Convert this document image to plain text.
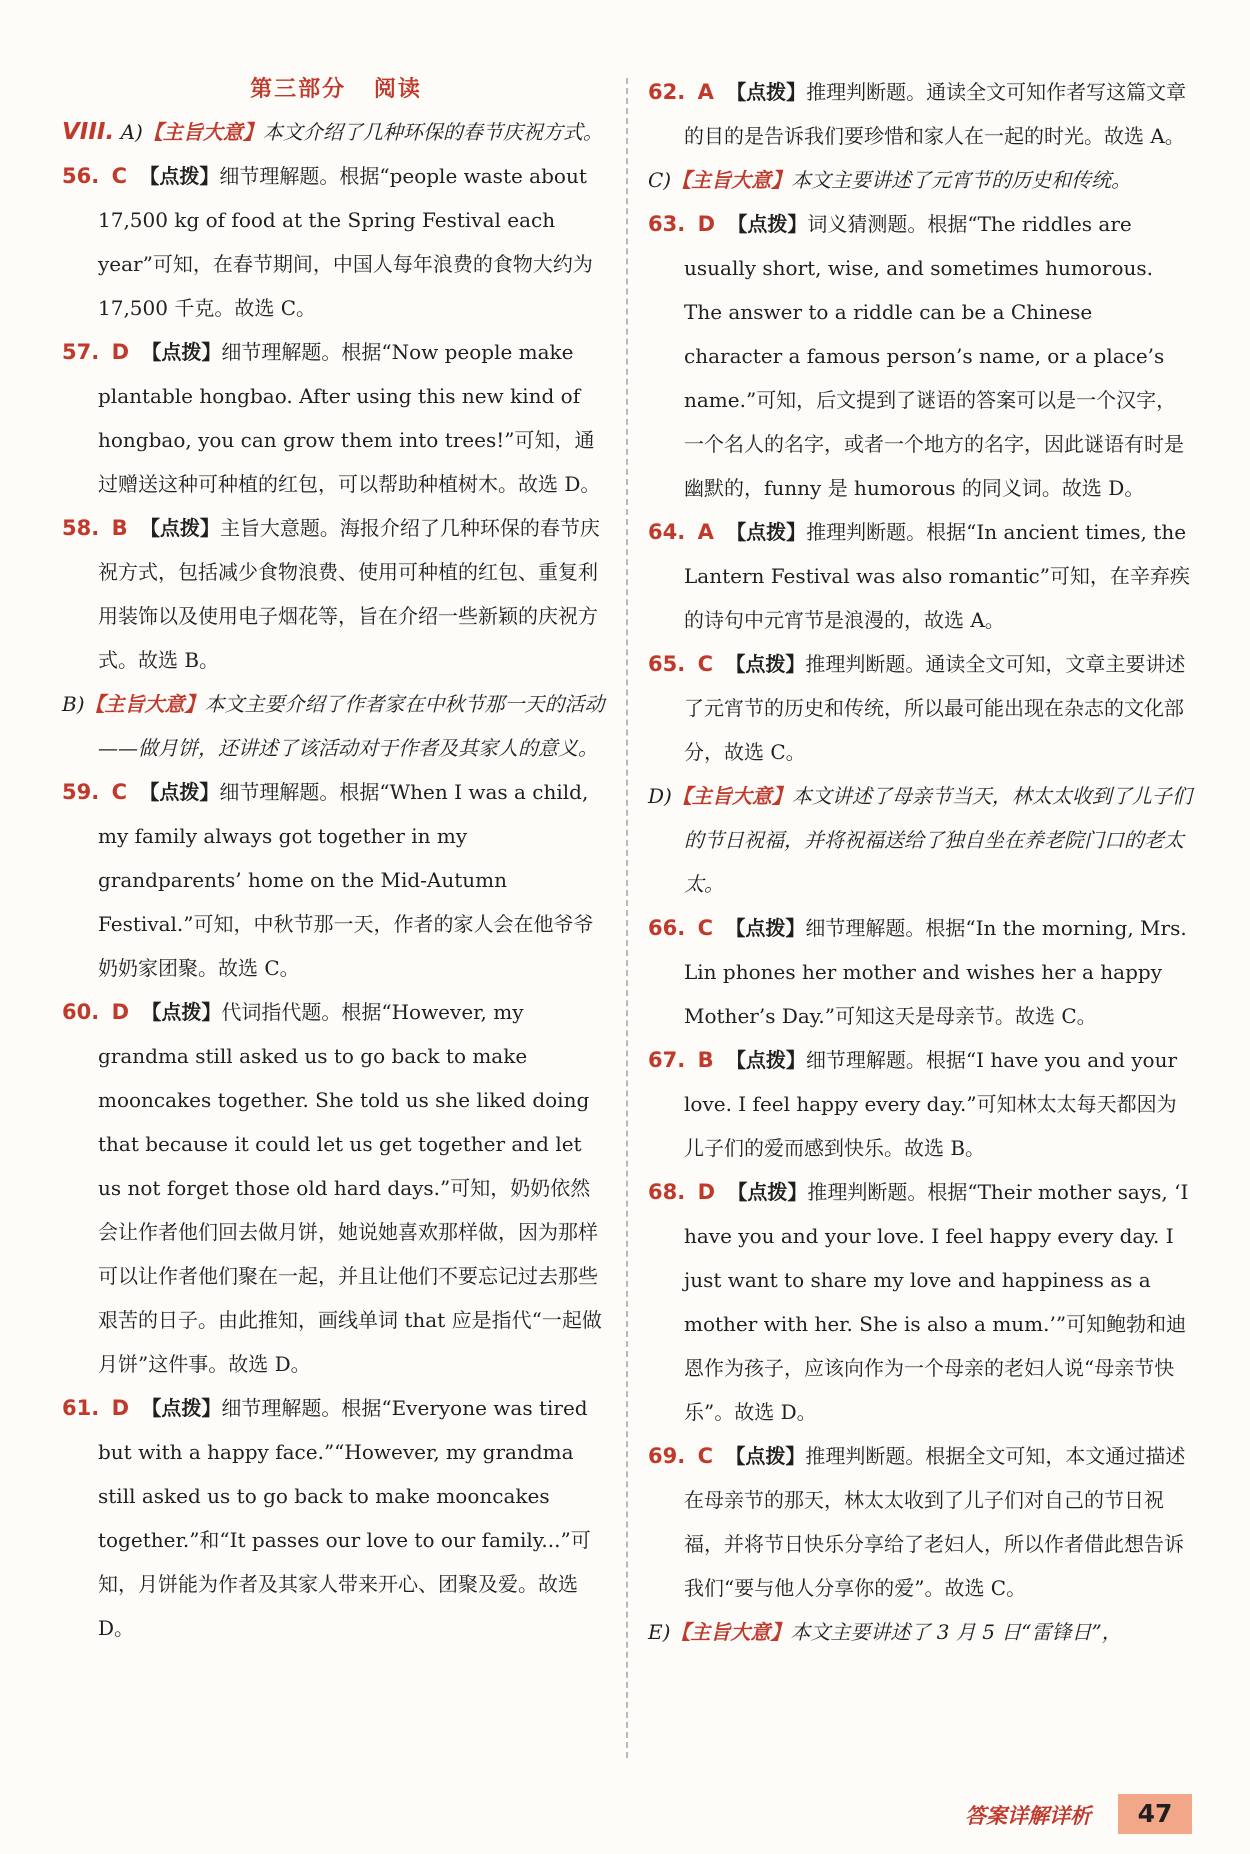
第三部分 阅读
VIII. A)【主旨大意】本文介绍了几种环保的春节庆祝方式。
56. C 【点拨】细节理解题。根据“people waste about 17,500 kg of food at the Spring Festival each year”可知，在春节期间，中国人每年浪费的食物大约为 17,500 千克。故选 C。
57. D 【点拨】细节理解题。根据“Now people make plantable hongbao. After using this new kind of hongbao, you can grow them into trees!”可知，通过赠送这种可种植的红包，可以帮助种植树木。故选 D。
58. B 【点拨】主旨大意题。海报介绍了几种环保的春节庆祝方式，包括减少食物浪费、使用可种植的红包、重复利用装饰以及使用电子烟花等，旨在介绍一些新颖的庆祝方式。故选 B。
B)【主旨大意】本文主要介绍了作者家在中秋节那一天的活动——做月饼，还讲述了该活动对于作者及其家人的意义。
59. C 【点拨】细节理解题。根据“When I was a child, my family always got together in my grandparents’ home on the Mid-Autumn Festival.”可知，中秋节那一天，作者的家人会在他爷爷奶奶家团聚。故选 C。
60. D 【点拨】代词指代题。根据“However, my grandma still asked us to go back to make mooncakes together. She told us she liked doing that because it could let us get together and let us not forget those old hard days.”可知，奶奶依然会让作者他们回去做月饼，她说她喜欢那样做，因为那样可以让作者他们聚在一起，并且让他们不要忘记过去那些艰苦的日子。由此推知，画线单词 that 应是指代“一起做月饼”这件事。故选 D。
61. D 【点拨】细节理解题。根据“Everyone was tired but with a happy face.”“However, my grandma still asked us to go back to make mooncakes together.”和“It passes our love to our family...”可知，月饼能为作者及其家人带来开心、团聚及爱。故选 D。
62. A 【点拨】推理判断题。通读全文可知作者写这篇文章的目的是告诉我们要珍惜和家人在一起的时光。故选 A。
C)【主旨大意】本文主要讲述了元宵节的历史和传统。
63. D 【点拨】词义猜测题。根据“The riddles are usually short, wise, and sometimes humorous. The answer to a riddle can be a Chinese character a famous person’s name, or a place’s name.”可知，后文提到了谜语的答案可以是一个汉字，一个名人的名字，或者一个地方的名字，因此谜语有时是幽默的，funny 是 humorous 的同义词。故选 D。
64. A 【点拨】推理判断题。根据“In ancient times, the Lantern Festival was also romantic”可知，在辛弃疾的诗句中元宵节是浪漫的，故选 A。
65. C 【点拨】推理判断题。通读全文可知，文章主要讲述了元宵节的历史和传统，所以最可能出现在杂志的文化部分，故选 C。
D)【主旨大意】本文讲述了母亲节当天，林太太收到了儿子们的节日祝福，并将祝福送给了独自坐在养老院门口的老太太。
66. C 【点拨】细节理解题。根据“In the morning, Mrs. Lin phones her mother and wishes her a happy Mother’s Day.”可知这天是母亲节。故选 C。
67. B 【点拨】细节理解题。根据“I have you and your love. I feel happy every day.”可知林太太每天都因为儿子们的爱而感到快乐。故选 B。
68. D 【点拨】推理判断题。根据“Their mother says, ‘I have you and your love. I feel happy every day. I just want to share my love and happiness as a mother with her. She is also a mum.’”可知鲍勃和迪恩作为孩子，应该向作为一个母亲的老妇人说“母亲节快乐”。故选 D。
69. C 【点拨】推理判断题。根据全文可知，本文通过描述在母亲节的那天，林太太收到了儿子们对自己的节日祝福，并将节日快乐分享给了老妇人，所以作者借此想告诉我们“要与他人分享你的爱”。故选 C。
E)【主旨大意】本文主要讲述了 3 月 5 日“雷锋日”，
答案详解详析	47
